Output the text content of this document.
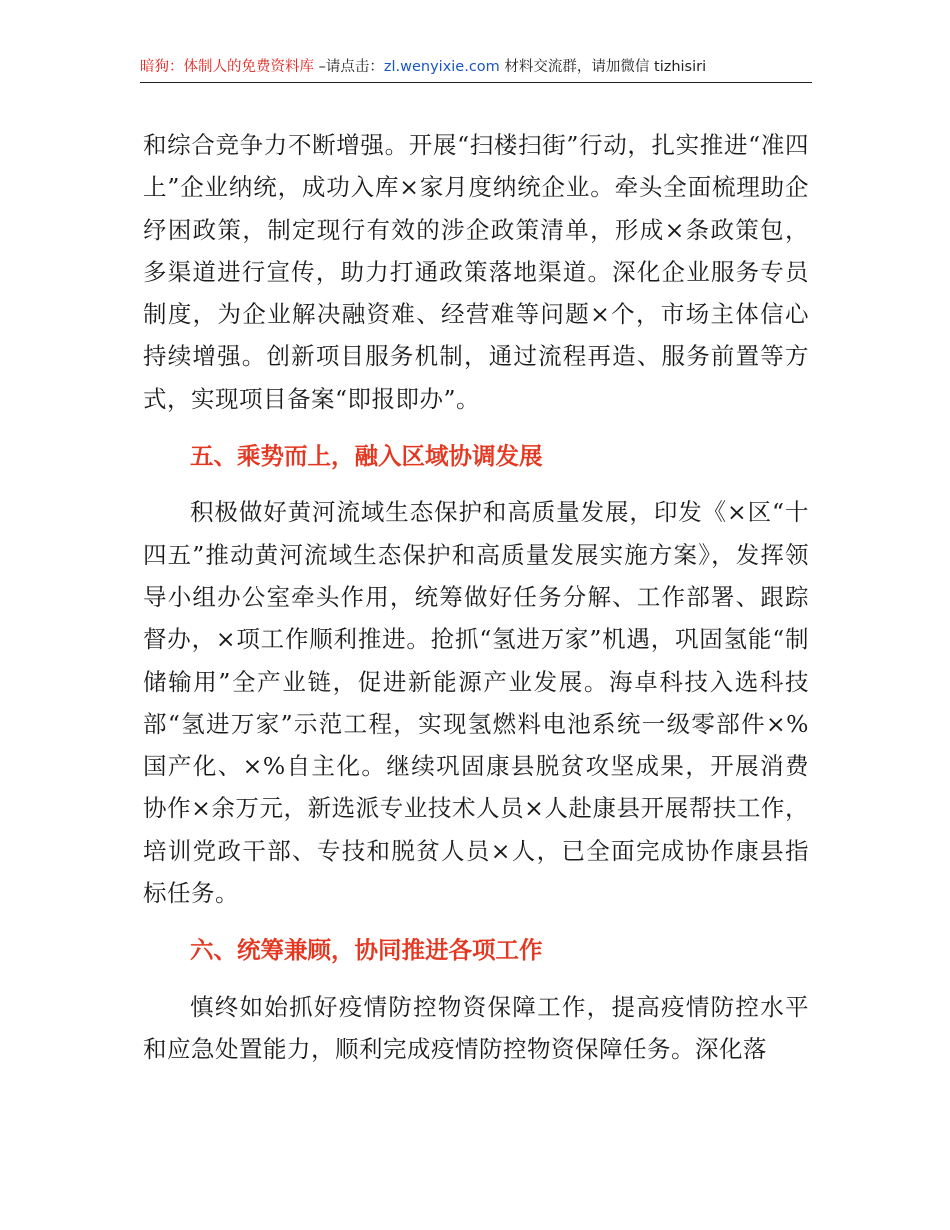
暗狗：体制人的免费资料库 –请点击：zl.wenyixie.com 材料交流群，请加微信 tizhisiri

和综合竞争力不断增强。开展“扫楼扫街”行动，扎实推进“准四上”企业纳统，成功入库×家月度纳统企业。牵头全面梳理助企纾困政策，制定现行有效的涉企政策清单，形成×条政策包，多渠道进行宣传，助力打通政策落地渠道。深化企业服务专员制度，为企业解决融资难、经营难等问题×个，市场主体信心持续增强。创新项目服务机制，通过流程再造、服务前置等方式，实现项目备案“即报即办”。

五、乘势而上，融入区域协调发展

积极做好黄河流域生态保护和高质量发展，印发《×区“十四五”推动黄河流域生态保护和高质量发展实施方案》，发挥领导小组办公室牵头作用，统筹做好任务分解、工作部署、跟踪督办，×项工作顺利推进。抢抓“氢进万家”机遇，巩固氢能“制储输用”全产业链，促进新能源产业发展。海卓科技入选科技部“氢进万家”示范工程，实现氢燃料电池系统一级零部件×%国产化、×%自主化。继续巩固康县脱贫攻坚成果，开展消费协作×余万元，新选派专业技术人员×人赴康县开展帮扶工作，培训党政干部、专技和脱贫人员×人，已全面完成协作康县指标任务。

六、统筹兼顾，协同推进各项工作

慎终如始抓好疫情防控物资保障工作，提高疫情防控水平和应急处置能力，顺利完成疫情防控物资保障任务。深化落
